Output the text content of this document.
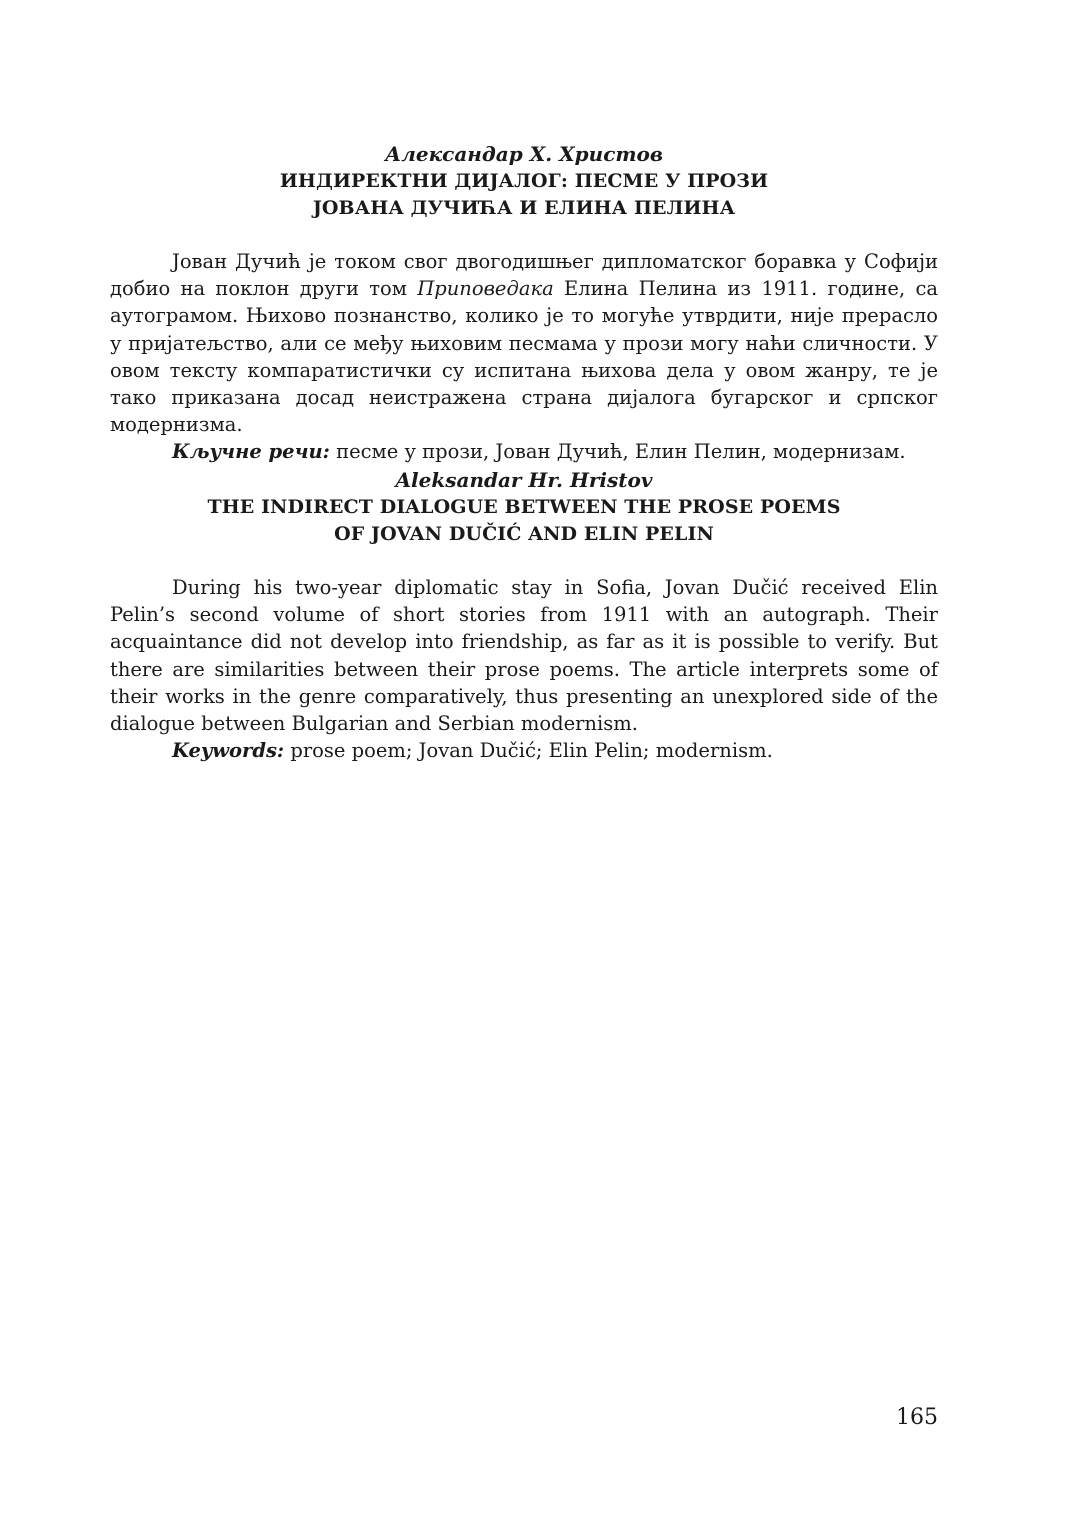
Александар Х. Христов
ИНДИРЕКТНИ ДИЈАЛОГ: ПЕСМЕ У ПРОЗИ
ЈОВАНА ДУЧИЋА И ЕЛИНА ПЕЛИНА
Јован Дучић је током свог двогодишњег дипломатског боравка у Софији добио на поклон други том Приповедака Елина Пелина из 1911. године, са аутограмом. Њихово познанство, колико је то могуће утврдити, није прерасло у пријатељство, али се међу њиховим песмама у прози могу наћи сличности. У овом тексту компаратистички су испитана њихова дела у овом жанру, те је тако приказана досад неистражена страна дијалога бугарског и српског модернизма.
Кључне речи: песме у прози, Јован Дучић, Елин Пелин, модернизам.
Aleksandar Hr. Hristov
THE INDIRECT DIALOGUE BETWEEN THE PROSE POEMS
OF JOVAN DUČIĆ AND ELIN PELIN
During his two-year diplomatic stay in Sofia, Jovan Dučić received Elin Pelin’s second volume of short stories from 1911 with an autograph. Their acquaintance did not develop into friendship, as far as it is possible to verify. But there are similarities between their prose poems. The article interprets some of their works in the genre comparatively, thus presenting an unexplored side of the dialogue between Bulgarian and Serbian modernism.
Keywords: prose poem; Jovan Dučić; Elin Pelin; modernism.
165
